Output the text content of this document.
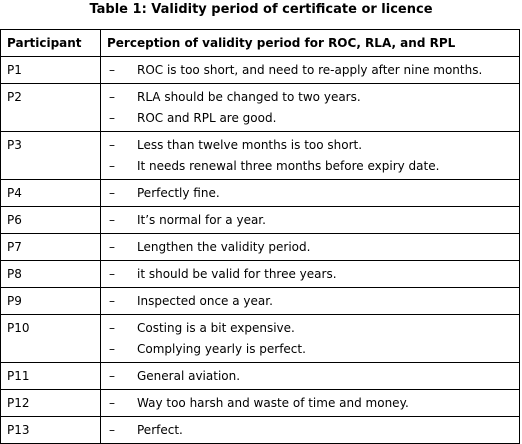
Table 1: Validity period of certificate or licence
Participant	Perception of validity period for ROC, RLA, and RPL

P1	– ROC is too short, and need to re-apply after nine months.

P2	– RLA should be changed to two years.
– ROC and RPL are good.

P3	– Less than twelve months is too short.
– It needs renewal three months before expiry date.

P4	– Perfectly fine.

P6	– It’s normal for a year.

P7	– Lengthen the validity period.

P8	– it should be valid for three years.

P9	– Inspected once a year.

P10	– Costing is a bit expensive.
– Complying yearly is perfect.

P11	– General aviation.

P12	– Way too harsh and waste of time and money.

P13	– Perfect.
